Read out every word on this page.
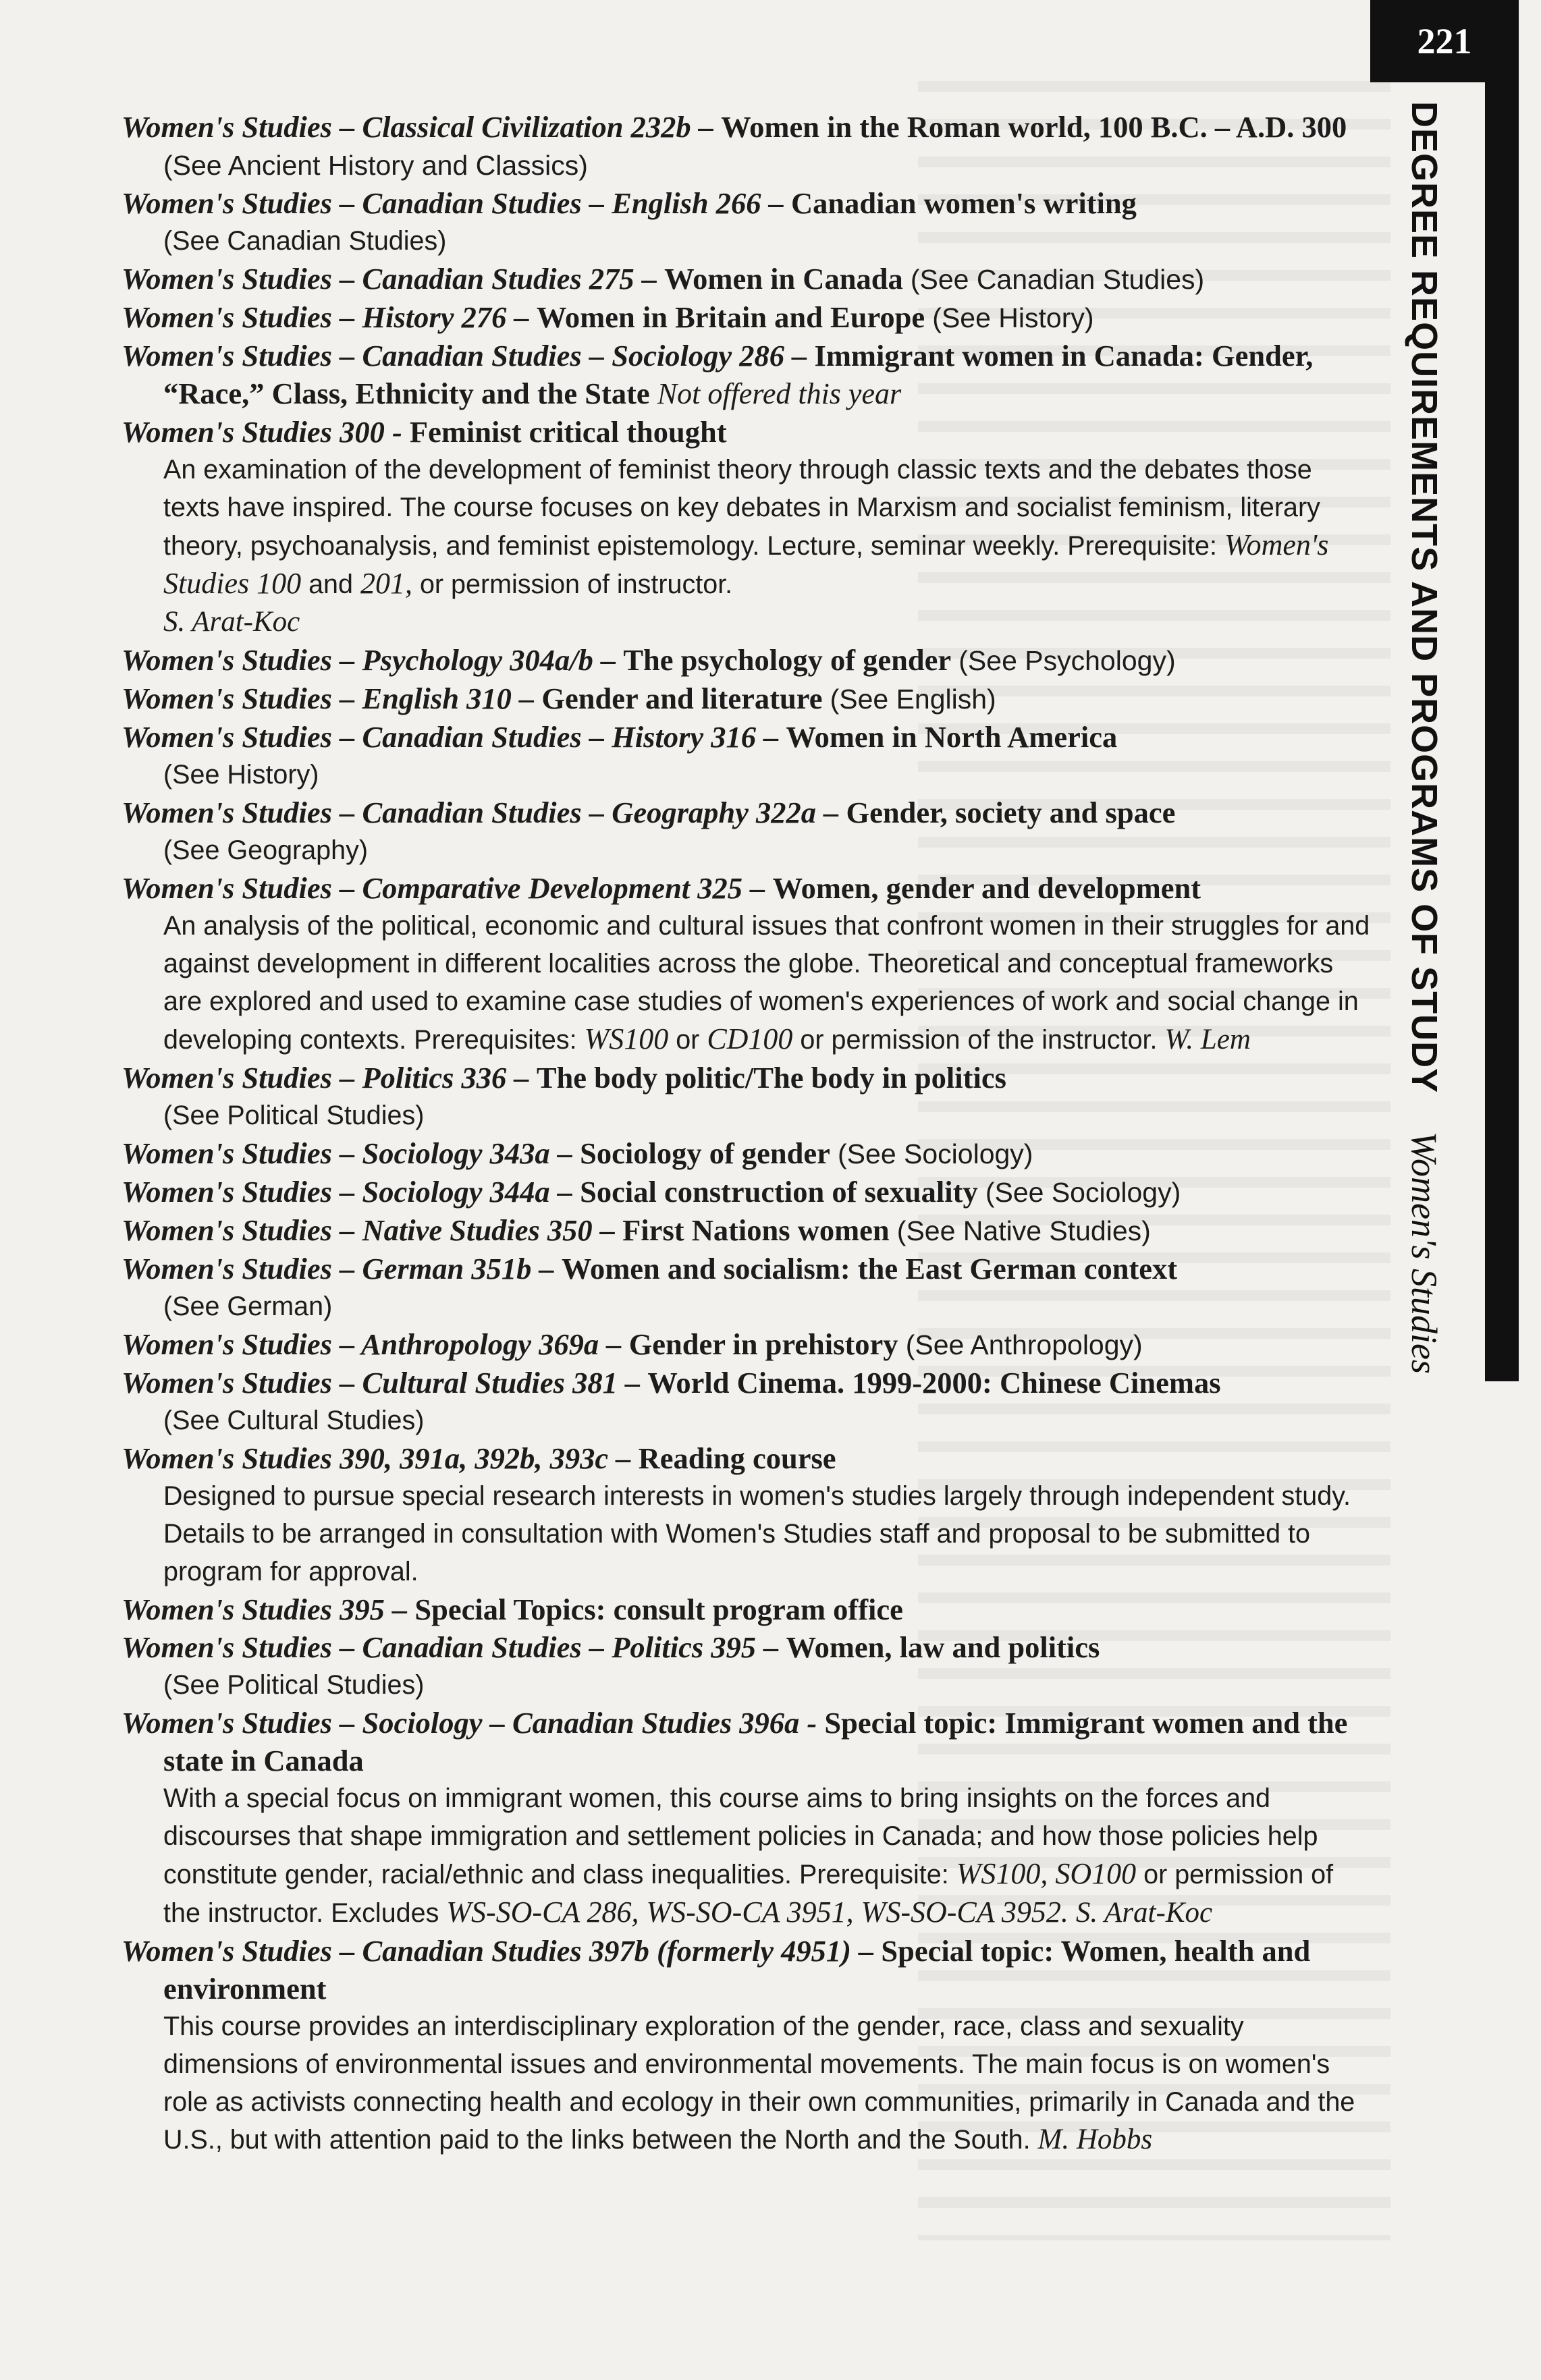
221
DEGREE REQUIREMENTS AND PROGRAMS OF STUDY Women's Studies
Women's Studies – Classical Civilization 232b – Women in the Roman world, 100 B.C. – A.D. 300 (See Ancient History and Classics)
Women's Studies – Canadian Studies – English 266 – Canadian women's writing
(See Canadian Studies)
Women's Studies – Canadian Studies 275 – Women in Canada (See Canadian Studies)
Women's Studies – History 276 – Women in Britain and Europe (See History)
Women's Studies – Canadian Studies – Sociology 286 – Immigrant women in Canada: Gender, “Race,” Class, Ethnicity and the State Not offered this year
Women's Studies 300 - Feminist critical thought
An examination of the development of feminist theory through classic texts and the debates those texts have inspired. The course focuses on key debates in Marxism and socialist feminism, literary theory, psychoanalysis, and feminist epistemology. Lecture, seminar weekly. Prerequisite: Women's Studies 100 and 201, or permission of instructor.
S. Arat-Koc
Women's Studies – Psychology 304a/b – The psychology of gender (See Psychology)
Women's Studies – English 310 – Gender and literature (See English)
Women's Studies – Canadian Studies – History 316 – Women in North America
(See History)
Women's Studies – Canadian Studies – Geography 322a – Gender, society and space
(See Geography)
Women's Studies – Comparative Development 325 – Women, gender and development
An analysis of the political, economic and cultural issues that confront women in their struggles for and against development in different localities across the globe. Theoretical and conceptual frameworks are explored and used to examine case studies of women's experiences of work and social change in developing contexts. Prerequisites: WS100 or CD100 or permission of the instructor. W. Lem
Women's Studies – Politics 336 – The body politic/The body in politics
(See Political Studies)
Women's Studies – Sociology 343a – Sociology of gender (See Sociology)
Women's Studies – Sociology 344a – Social construction of sexuality (See Sociology)
Women's Studies – Native Studies 350 – First Nations women (See Native Studies)
Women's Studies – German 351b – Women and socialism: the East German context
(See German)
Women's Studies – Anthropology 369a – Gender in prehistory (See Anthropology)
Women's Studies – Cultural Studies 381 – World Cinema. 1999-2000: Chinese Cinemas
(See Cultural Studies)
Women's Studies 390, 391a, 392b, 393c – Reading course
Designed to pursue special research interests in women's studies largely through independent study. Details to be arranged in consultation with Women's Studies staff and proposal to be submitted to program for approval.
Women's Studies 395 – Special Topics: consult program office
Women's Studies – Canadian Studies – Politics 395 – Women, law and politics
(See Political Studies)
Women's Studies – Sociology – Canadian Studies 396a - Special topic: Immigrant women and the state in Canada
With a special focus on immigrant women, this course aims to bring insights on the forces and discourses that shape immigration and settlement policies in Canada; and how those policies help constitute gender, racial/ethnic and class inequalities. Prerequisite: WS100, SO100 or permission of the instructor. Excludes WS-SO-CA 286, WS-SO-CA 3951, WS-SO-CA 3952. S. Arat-Koc
Women's Studies – Canadian Studies 397b (formerly 4951) – Special topic: Women, health and environment
This course provides an interdisciplinary exploration of the gender, race, class and sexuality dimensions of environmental issues and environmental movements. The main focus is on women's role as activists connecting health and ecology in their own communities, primarily in Canada and the U.S., but with attention paid to the links between the North and the South. M. Hobbs
